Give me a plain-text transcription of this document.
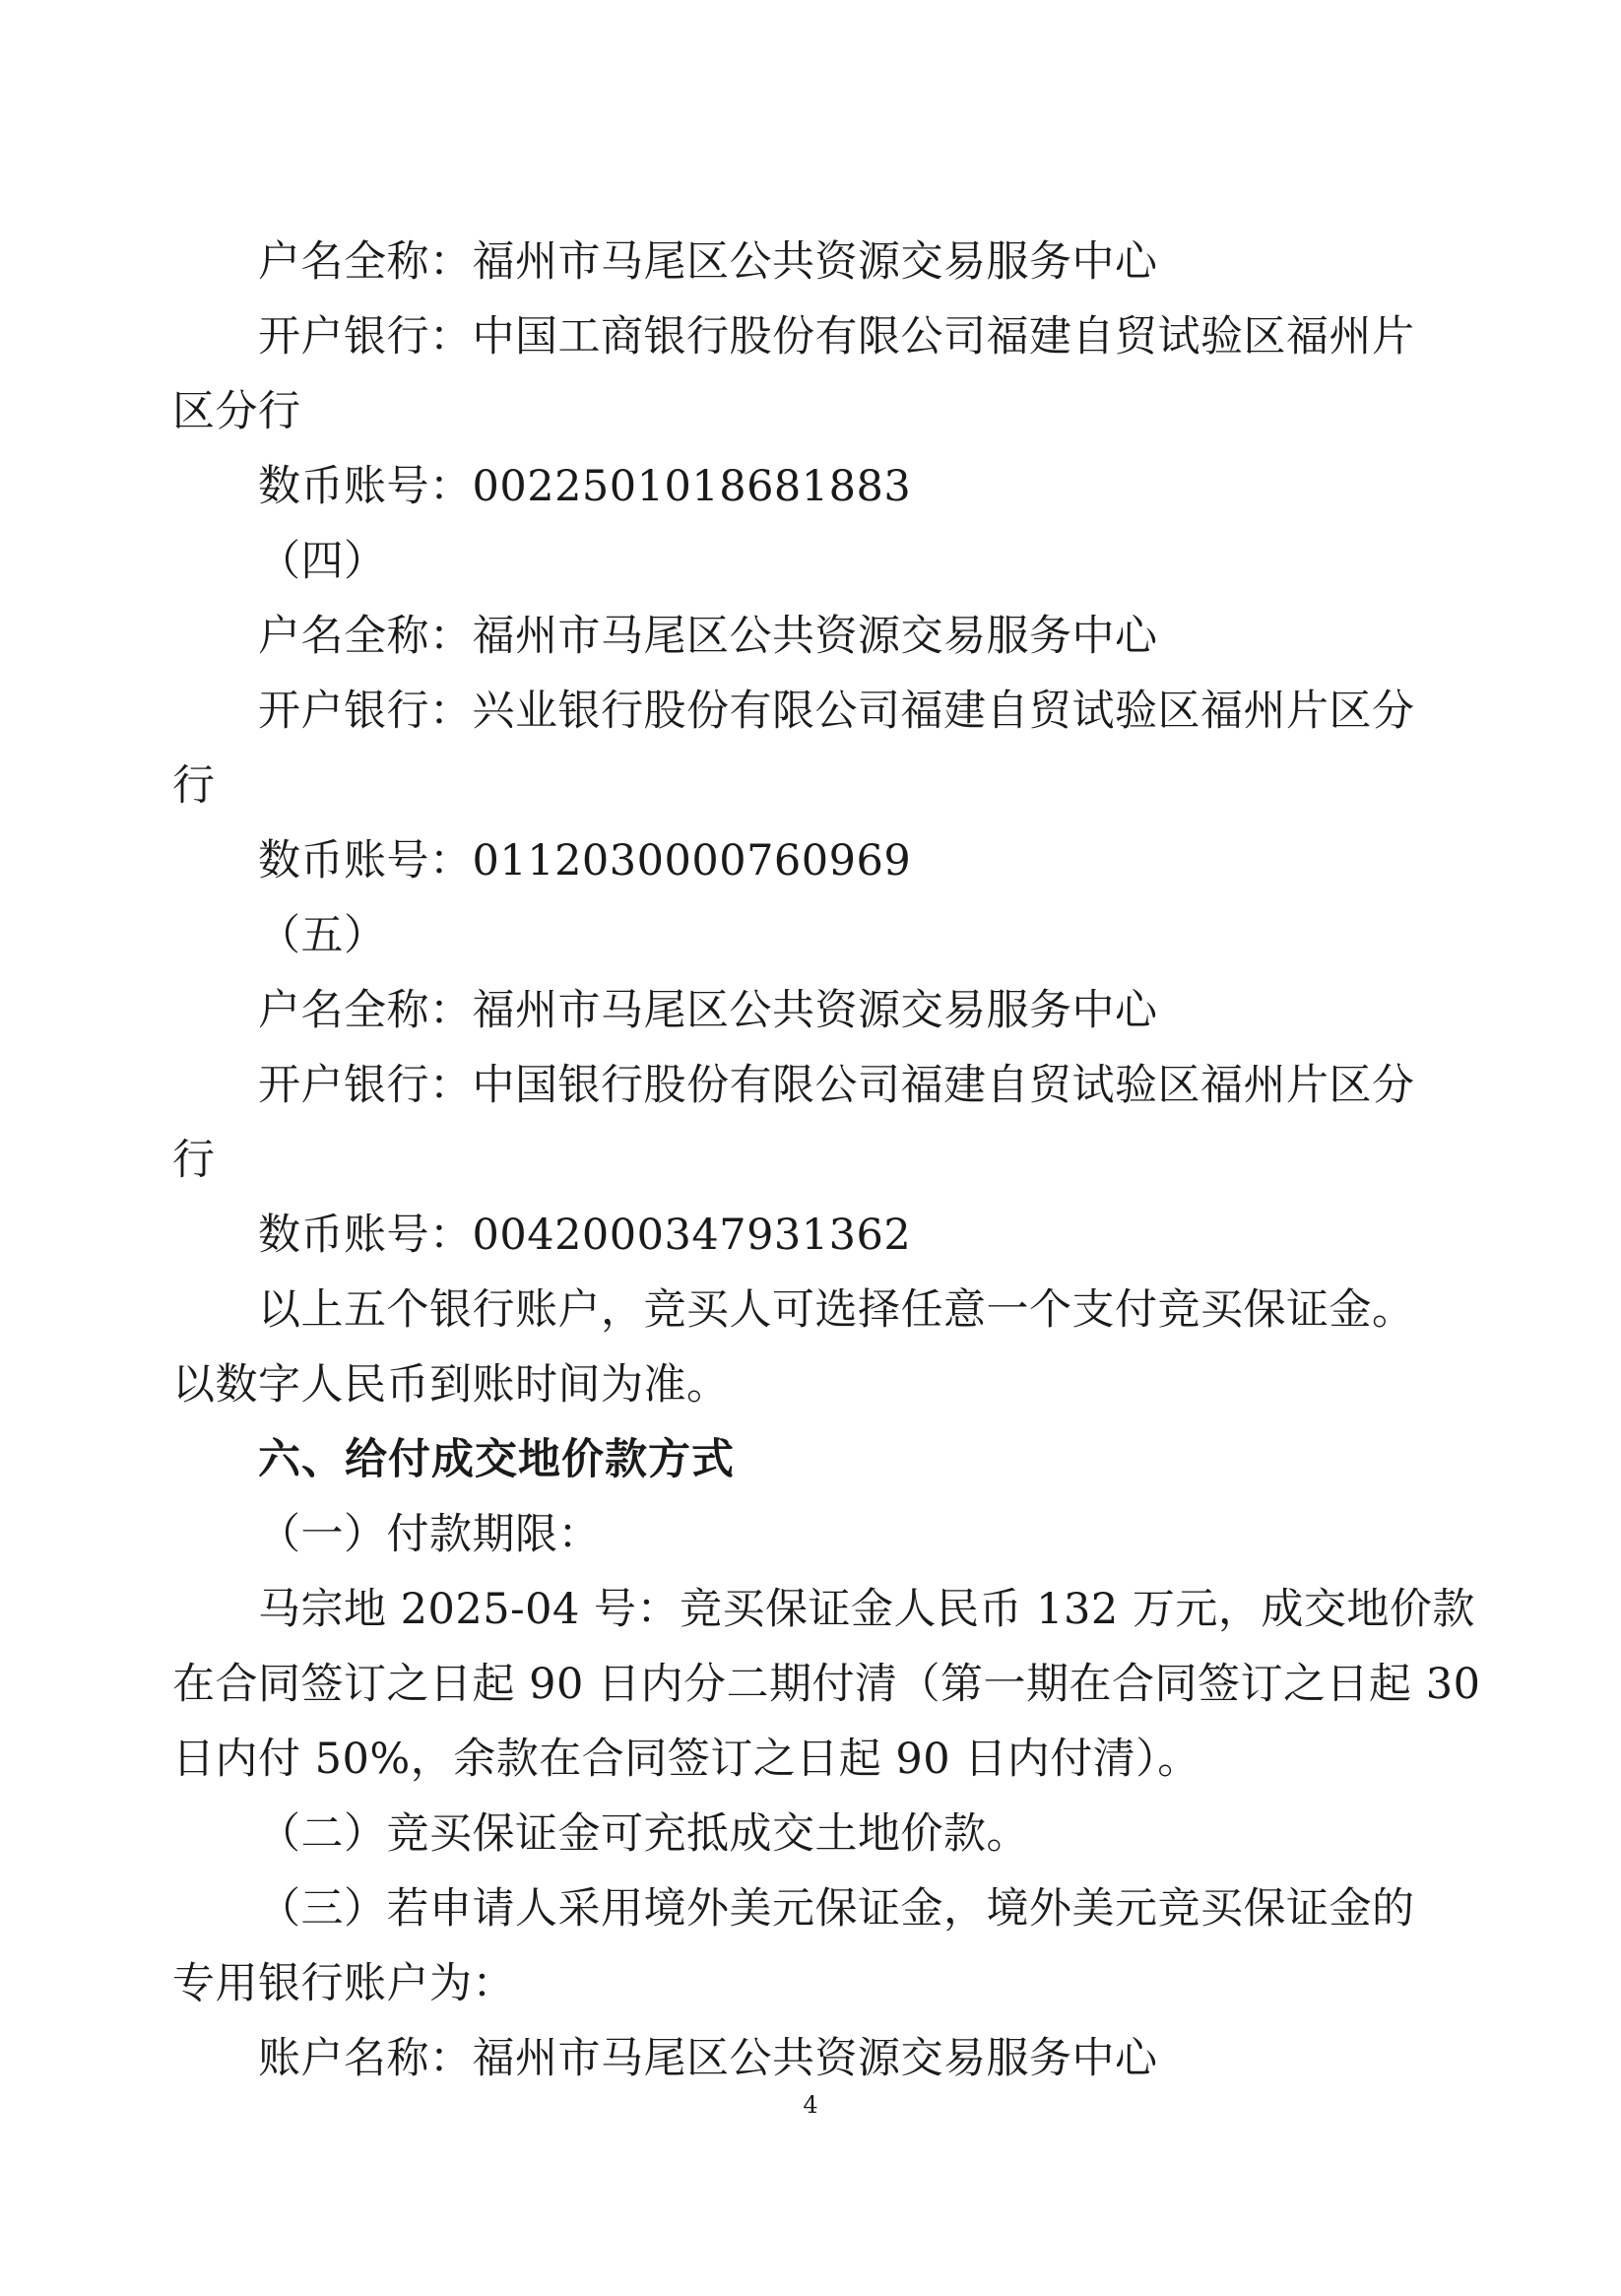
户名全称：福州市马尾区公共资源交易服务中心
开户银行：中国工商银行股份有限公司福建自贸试验区福州片
区分行
数币账号：0022501018681883
（四）
户名全称：福州市马尾区公共资源交易服务中心
开户银行：兴业银行股份有限公司福建自贸试验区福州片区分
行
数币账号：0112030000760969
（五）
户名全称：福州市马尾区公共资源交易服务中心
开户银行：中国银行股份有限公司福建自贸试验区福州片区分
行
数币账号：0042000347931362
以上五个银行账户，竞买人可选择任意一个支付竞买保证金。
以数字人民币到账时间为准。
六、给付成交地价款方式
（一）付款期限：
马宗地 2025-04 号：竞买保证金人民币 132 万元，成交地价款
在合同签订之日起 90 日内分二期付清（第一期在合同签订之日起 30
日内付 50%，余款在合同签订之日起 90 日内付清）。
（二）竞买保证金可充抵成交土地价款。
（三）若申请人采用境外美元保证金，境外美元竞买保证金的
专用银行账户为：
账户名称：福州市马尾区公共资源交易服务中心
4
